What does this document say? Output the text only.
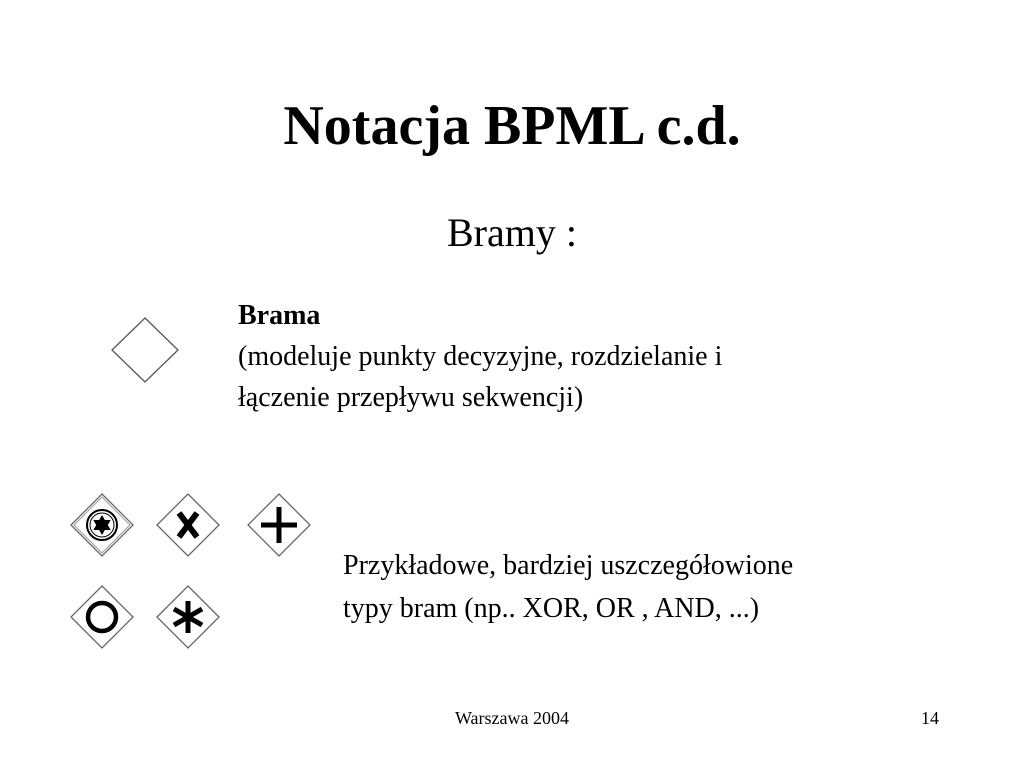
Notacja BPML c.d.
Bramy :
Brama
(modeluje punkty decyzyjne, rozdzielanie i
łączenie przepływu sekwencji)
Przykładowe, bardziej uszczegółowione
typy bram (np.. XOR, OR , AND, ...)
Warszawa 2004	14
